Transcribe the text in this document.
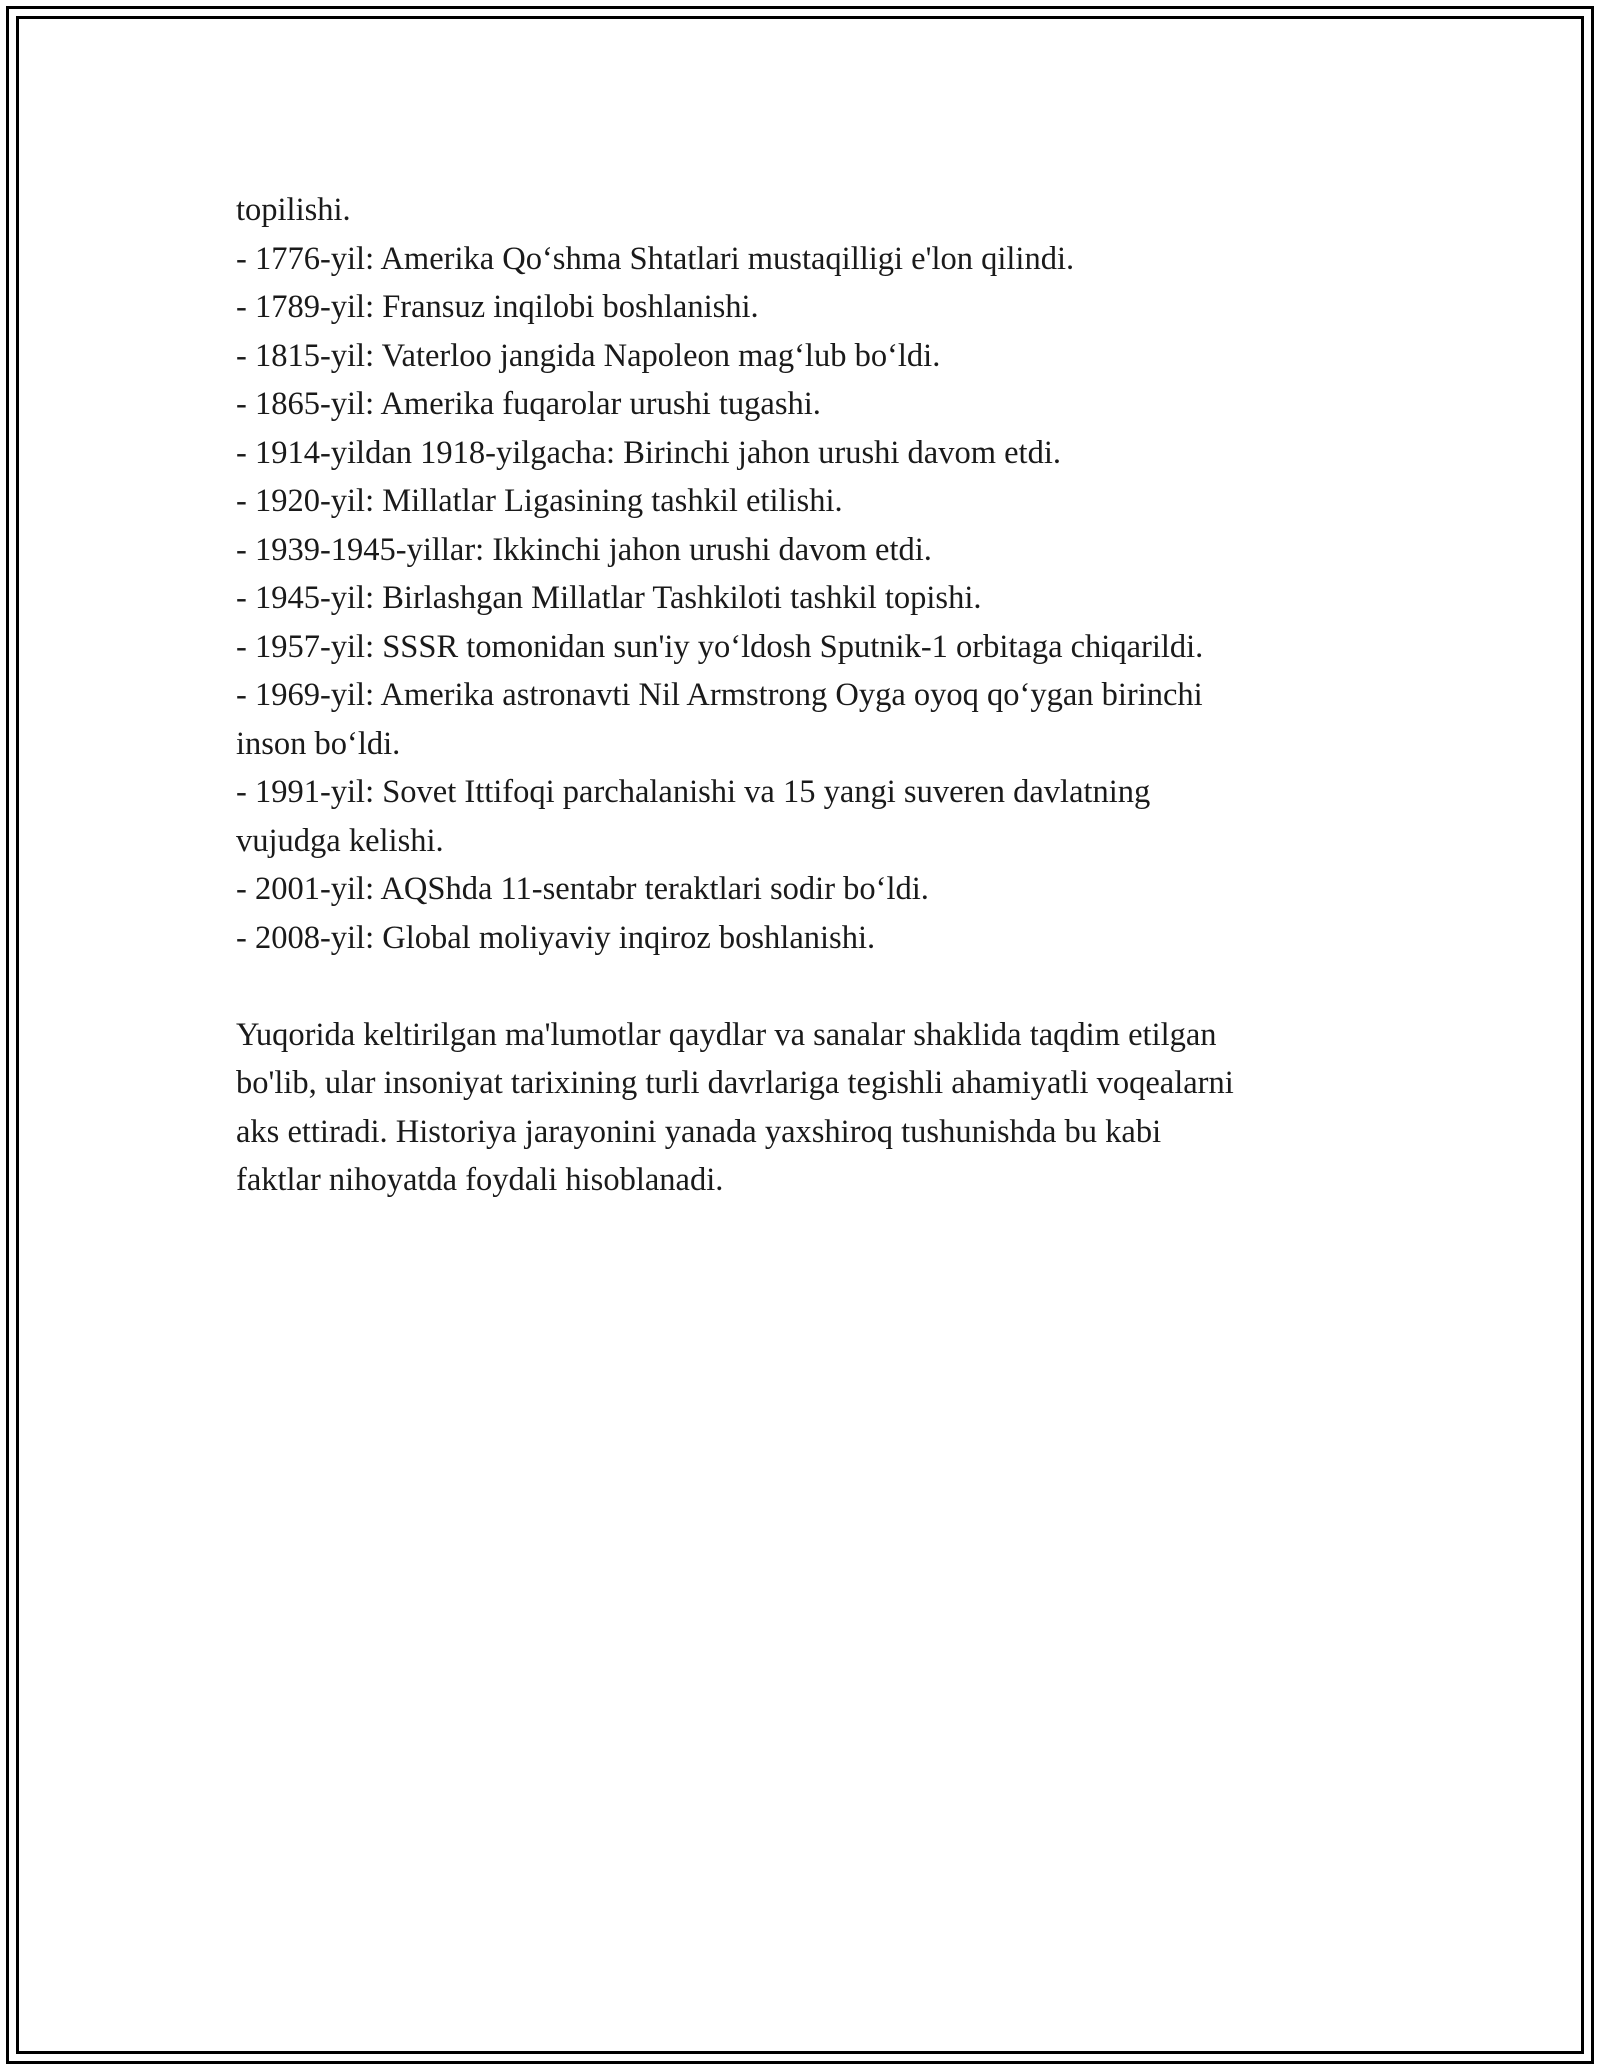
topilishi.
- 1776-yil: Amerika Qo‘shma Shtatlari mustaqilligi e'lon qilindi.
- 1789-yil: Fransuz inqilobi boshlanishi.
- 1815-yil: Vaterloo jangida Napoleon mag‘lub bo‘ldi.
- 1865-yil: Amerika fuqarolar urushi tugashi.
- 1914-yildan 1918-yilgacha: Birinchi jahon urushi davom etdi.
- 1920-yil: Millatlar Ligasining tashkil etilishi.
- 1939-1945-yillar: Ikkinchi jahon urushi davom etdi.
- 1945-yil: Birlashgan Millatlar Tashkiloti tashkil topishi.
- 1957-yil: SSSR tomonidan sun'iy yo‘ldosh Sputnik-1 orbitaga chiqarildi.
- 1969-yil: Amerika astronavti Nil Armstrong Oyga oyoq qo‘ygan birinchi
inson bo‘ldi.
- 1991-yil: Sovet Ittifoqi parchalanishi va 15 yangi suveren davlatning
vujudga kelishi.
- 2001-yil: AQShda 11-sentabr teraktlari sodir bo‘ldi.
- 2008-yil: Global moliyaviy inqiroz boshlanishi.
Yuqorida keltirilgan ma'lumotlar qaydlar va sanalar shaklida taqdim etilgan
bo'lib, ular insoniyat tarixining turli davrlariga tegishli ahamiyatli voqealarni
aks ettiradi. Historiya jarayonini yanada yaxshiroq tushunishda bu kabi
faktlar nihoyatda foydali hisoblanadi.
